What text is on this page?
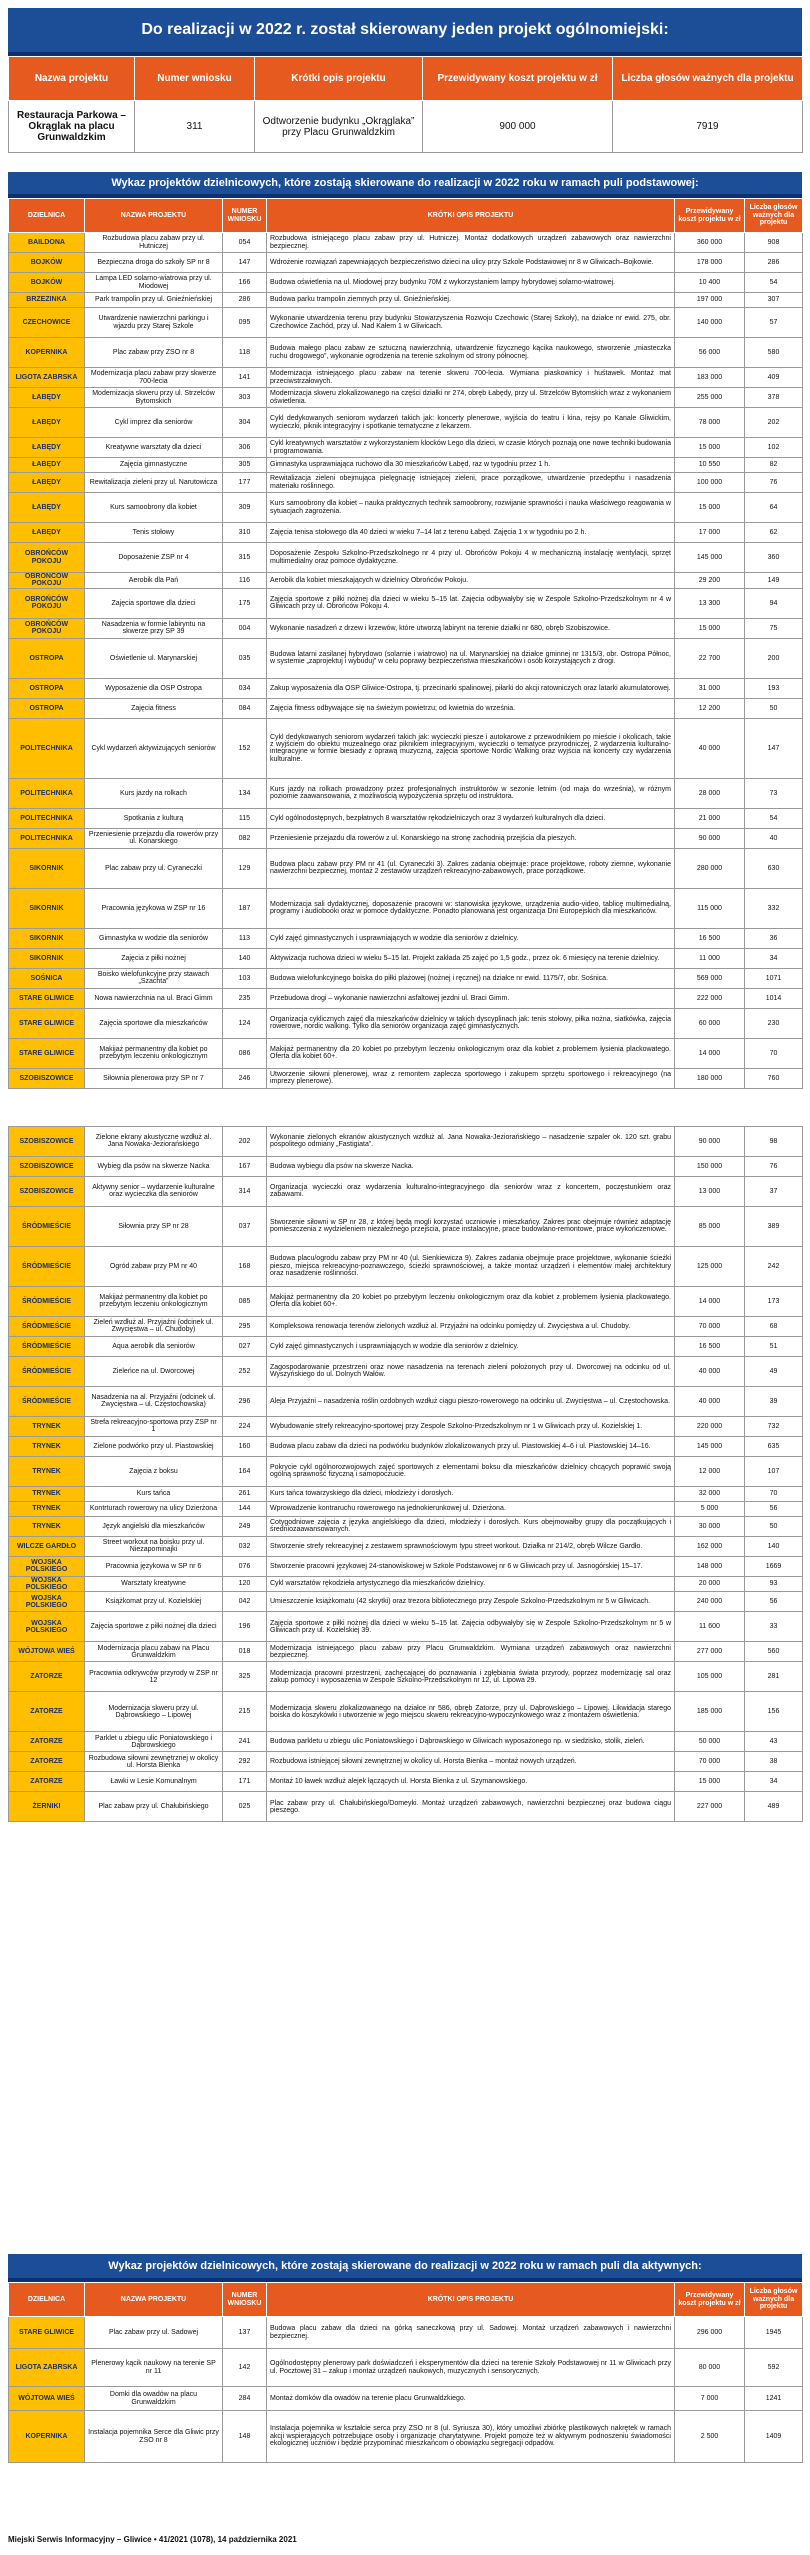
Do realizacji w 2022 r. został skierowany jeden projekt ogólnomiejski:
Nazwa projektu	Numer wniosku	Krótki opis projektu	Przewidywany koszt projektu w zł	Liczba głosów ważnych dla projektu
Restauracja Parkowa – Okrąglak na placu Grunwaldzkim	311	Odtworzenie budynku „Okrąglaka” przy Placu Grunwaldzkim	900 000	7919
Wykaz projektów dzielnicowych, które zostają skierowane do realizacji w 2022 roku w ramach puli podstawowej:
DZIELNICA	NAZWA PROJEKTU	NUMER WNIOSKU	KRÓTKI OPIS PROJEKTU	Przewidywany koszt projektu w zł	Liczba głosów ważnych dla projektu
BAILDONA	Rozbudowa placu zabaw przy ul. Hutniczej	054	Rozbudowa istniejącego placu zabaw przy ul. Hutniczej. Montaż dodatkowych urządzeń zabawowych oraz nawierzchni bezpiecznej.	360 000	908
BOJKÓW	Bezpieczna droga do szkoły SP nr 8	147	Wdrożenie rozwiązań zapewniających bezpieczeństwo dzieci na ulicy przy Szkole Podstawowej nr 8 w Gliwicach–Bojkowie.	178 000	286
BOJKÓW	Lampa LED solarno-wiatrowa przy ul. Miodowej	166	Budowa oświetlenia na ul. Miodowej przy budynku 70M z wykorzystaniem lampy hybrydowej solarno-wiatrowej.	10 400	54
BRZEZINKA	Park trampolin przy ul. Gnieźnieńskiej	286	Budowa parku trampolin ziemnych przy ul. Gnieźnieńskiej.	197 000	307
CZECHOWICE	Utwardzenie nawierzchni parkingu i wjazdu przy Starej Szkole	095	Wykonanie utwardzenia terenu przy budynku Stowarzyszenia Rozwoju Czechowic (Starej Szkoły), na działce nr ewid. 275, obr. Czechowice Zachód, przy ul. Nad Kałem 1 w Gliwicach.	140 000	57
KOPERNIKA	Plac zabaw przy ZSO nr 8	118	Budowa małego placu zabaw ze sztuczną nawierzchnią, utwardzenie fizycznego kącika naukowego, stworzenie „miasteczka ruchu drogowego”, wykonanie ogrodzenia na terenie szkolnym od strony północnej.	56 000	580
LIGOTA ZABRSKA	Modernizacja placu zabaw przy skwerze 700-lecia	141	Modernizacja istniejącego placu zabaw na terenie skweru 700-lecia. Wymiana piaskownicy i huśtawek. Montaż mat przeciwstrzałowych.	183 000	409
ŁABĘDY	Modernizacja skweru przy ul. Strzelców Bytomskich	303	Modernizacja skweru zlokalizowanego na części działki nr 274, obręb Łabędy, przy ul. Strzelców Bytomskich wraz z wykonaniem oświetlenia.	255 000	378
ŁABĘDY	Cykl imprez dla seniorów	304	Cykl dedykowanych seniorom wydarzeń takich jak: koncerty plenerowe, wyjścia do teatru i kina, rejsy po Kanale Gliwickim, wycieczki, piknik integracyjny i spotkanie tematyczne z lekarzem.	78 000	202
ŁABĘDY	Kreatywne warsztaty dla dzieci	306	Cykl kreatywnych warsztatów z wykorzystaniem klocków Lego dla dzieci, w czasie których poznają one nowe techniki budowania i programowania.	15 000	102
ŁABĘDY	Zajęcia gimnastyczne	305	Gimnastyka usprawniająca ruchowo dla 30 mieszkańców Łabęd, raz w tygodniu przez 1 h.	10 550	82
ŁABĘDY	Rewitalizacja zieleni przy ul. Narutowicza	177	Rewitalizacja zieleni obejmująca pielęgnację istniejącej zieleni, prace porządkowe, utwardzenie przedepthu i nasadzenia materiału roślinnego.	100 000	76
ŁABĘDY	Kurs samoobrony dla kobiet	309	Kurs samoobrony dla kobiet – nauka praktycznych technik samoobrony, rozwijanie sprawności i nauka właściwego reagowania w sytuacjach zagrożenia.	15 000	64
ŁABĘDY	Tenis stołowy	310	Zajęcia tenisa stołowego dla 40 dzieci w wieku 7–14 lat z terenu Łabęd. Zajęcia 1 x w tygodniu po 2 h.	17 000	62
OBROŃCÓW POKOJU	Doposażenie ZSP nr 4	315	Doposażenie Zespołu Szkolno-Przedszkolnego nr 4 przy ul. Obrońców Pokoju 4 w mechaniczną instalację wentylacji, sprzęt multimedialny oraz pomoce dydaktyczne.	145 000	360
OBROŃCÓW POKOJU	Aerobik dla Pań	116	Aerobik dla kobiet mieszkających w dzielnicy Obrońców Pokoju.	29 200	149
OBROŃCÓW POKOJU	Zajęcia sportowe dla dzieci	175	Zajęcia sportowe z piłki nożnej dla dzieci w wieku 5–15 lat. Zajęcia odbywałyby się w Zespole Szkolno-Przedszkolnym nr 4 w Gliwicach przy ul. Obrońców Pokoju 4.	13 300	94
OBROŃCÓW POKOJU	Nasadzenia w formie labiryntu na skwerze przy SP 39	004	Wykonanie nasadzeń z drzew i krzewów, które utworzą labirynt na terenie działki nr 680, obręb Szobiszowice.	15 000	75
OSTROPA	Oświetlenie ul. Marynarskiej	035	Budowa latarni zasilanej hybrydowo (solarnie i wiatrowo) na ul. Marynarskiej na działce gminnej nr 1315/3, obr. Ostropa Północ, w systemie „zaprojektuj i wybuduj” w celu poprawy bezpieczeństwa mieszkańców i osób korzystających z drogi.	22 700	200
OSTROPA	Wyposażenie dla OSP Ostropa	034	Zakup wyposażenia dla OSP Gliwice-Ostropa, tj. przecinarki spalinowej, piłarki do akcji ratowniczych oraz latarki akumulatorowej.	31 000	193
OSTROPA	Zajęcia fitness	084	Zajęcia fitness odbywające się na świeżym powietrzu; od kwietnia do września.	12 200	50
POLITECHNIKA	Cykl wydarzeń aktywizujących seniorów	152	Cykl dedykowanych seniorom wydarzeń takich jak: wycieczki piesze i autokarowe z przewodnikiem po mieście i okolicach, takie z wyjściem do obiektu muzealnego oraz piknikiem integracyjnym, wycieczki o tematyce przyrodniczej, 2 wydarzenia kulturalno-integracyjne w formie biesiady z oprawą muzyczną, zajęcia sportowe Nordic Walking oraz wyjścia na koncerty czy wydarzenia kulturalne.	40 000	147
POLITECHNIKA	Kurs jazdy na rolkach	134	Kurs jazdy na rolkach prowadzony przez profesjonalnych instruktorów w sezonie letnim (od maja do września), w różnym poziomie zaawansowania, z możliwością wypożyczenia sprzętu od instruktora.	28 000	73
POLITECHNIKA	Spotkania z kulturą	115	Cykl ogólnodostępnych, bezpłatnych 8 warsztatów rękodzielniczych oraz 3 wydarzeń kulturalnych dla dzieci.	21 000	54
POLITECHNIKA	Przeniesienie przejazdu dla rowerów przy ul. Konarskiego	082	Przeniesienie przejazdu dla rowerów z ul. Konarskiego na stronę zachodnią przejścia dla pieszych.	90 000	40
SIKORNIK	Plac zabaw przy ul. Cyraneczki	129	Budowa placu zabaw przy PM nr 41 (ul. Cyraneczki 3). Zakres zadania obejmuje: prace projektowe, roboty ziemne, wykonanie nawierzchni bezpiecznej, montaż 2 zestawów urządzeń rekreacyjno-zabawowych, prace porządkowe.	280 000	630
SIKORNIK	Pracownia językowa w ZSP nr 16	187	Modernizacja sali dydaktycznej, doposażenie pracowni w: stanowiska językowe, urządzenia audio-video, tablicę multimedialną, programy i audiobooki oraz w pomoce dydaktyczne. Ponadto planowana jest organizacja Dni Europejskich dla mieszkańców.	115 000	332
SIKORNIK	Gimnastyka w wodzie dla seniorów	113	Cykl zajęć gimnastycznych i usprawniających w wodzie dla seniorów z dzielnicy.	16 500	36
SIKORNIK	Zajęcia z piłki nożnej	140	Aktywizacja ruchowa dzieci w wieku 5–15 lat. Projekt zakłada 25 zajęć po 1,5 godz., przez ok. 6 miesięcy na terenie dzielnicy.	11 000	34
SOŚNICA	Boisko wielofunkcyjne przy stawach „Szachta”	103	Budowa wielofunkcyjnego boiska do piłki plażowej (nożnej i ręcznej) na działce nr ewid. 1175/7, obr. Sośnica.	569 000	1071
STARE GLIWICE	Nowa nawierzchnia na ul. Braci Gimm	235	Przebudowa drogi – wykonanie nawierzchni asfaltowej jezdni ul. Braci Gimm.	222 000	1014
STARE GLIWICE	Zajęcia sportowe dla mieszkańców	124	Organizacja cyklicznych zajęć dla mieszkańców dzielnicy w takich dyscyplinach jak: tenis stołowy, piłka nożna, siatkówka, zajęcia rowerowe, nordic walking. Tylko dla seniorów organizacja zajęć gimnastycznych.	60 000	230
STARE GLIWICE	Makijaż permanentny dla kobiet po przebytym leczeniu onkologicznym	086	Makijaż permanentny dla 20 kobiet po przebytym leczeniu onkologicznym oraz dla kobiet z problemem łysienia plackowatego. Oferta dla kobiet 60+.	14 000	70
SZOBISZOWICE	Siłownia plenerowa przy SP nr 7	246	Utworzenie siłowni plenerowej, wraz z remontem zaplecza sportowego i zakupem sprzętu sportowego i rekreacyjnego (na imprezy plenerowe).	180 000	760
SZOBISZOWICE	Zielone ekrany akustyczne wzdłuż al. Jana Nowaka-Jeziorańskiego	202	Wykonanie zielonych ekranów akustycznych wzdłuż al. Jana Nowaka-Jeziorańskiego – nasadzenie szpaler ok. 120 szt. grabu pospolitego odmiany „Fastigiata”.	90 000	98
SZOBISZOWICE	Wybieg dla psów na skwerze Nacka	167	Budowa wybiegu dla psów na skwerze Nacka.	150 000	76
SZOBISZOWICE	Aktywny senior – wydarzenie kulturalne oraz wycieczka dla seniorów	314	Organizacja wycieczki oraz wydarzenia kulturalno-integracyjnego dla seniorów wraz z koncertem, poczęstunkiem oraz zabawami.	13 000	37
ŚRÓDMIEŚCIE	Siłownia przy SP nr 28	037	Stworzenie siłowni w SP nr 28, z której będą mogli korzystać uczniowie i mieszkańcy. Zakres prac obejmuje również adaptację pomieszczenia z wydzieleniem niezależnego przejścia, prace instalacyjne, prace budowlano-remontowe, prace wykończeniowe.	85 000	389
ŚRÓDMIEŚCIE	Ogród zabaw przy PM nr 40	168	Budowa placu/ogrodu zabaw przy PM nr 40 (ul. Sienkiewicza 9). Zakres zadania obejmuje prace projektowe, wykonanie ścieżki pieszo, miejsca rekreacyjno-poznawczego, ścieżki sprawnościowej, a także montaż urządzeń i elementów małej architektury oraz nasadzenie roślinności.	125 000	242
ŚRÓDMIEŚCIE	Makijaż permanentny dla kobiet po przebytym leczeniu onkologicznym	085	Makijaż permanentny dla 20 kobiet po przebytym leczeniu onkologicznym oraz dla kobiet z problemem łysienia plackowatego. Oferta dla kobiet 60+.	14 000	173
ŚRÓDMIEŚCIE	Zieleń wzdłuż al. Przyjaźni (odcinek ul. Zwycięstwa – ul. Chudoby)	295	Kompleksowa renowacja terenów zielonych wzdłuż al. Przyjaźni na odcinku pomiędzy ul. Zwycięstwa a ul. Chudoby.	70 000	68
ŚRÓDMIEŚCIE	Aqua aerobik dla seniorów	027	Cykl zajęć gimnastycznych i usprawniających w wodzie dla seniorów z dzielnicy.	16 500	51
ŚRÓDMIEŚCIE	Zieleńce na ul. Dworcowej	252	Zagospodarowanie przestrzeni oraz nowe nasadzenia na terenach zieleni położonych przy ul. Dworcowej na odcinku od ul. Wyszyńskiego do ul. Dolnych Wałów.	40 000	49
ŚRÓDMIEŚCIE	Nasadzenia na al. Przyjaźni (odcinek ul. Zwycięstwa – ul. Częstochowska)	296	Aleja Przyjaźni – nasadzenia roślin ozdobnych wzdłuż ciągu pieszo-rowerowego na odcinku ul. Zwycięstwa – ul. Częstochowska.	40 000	39
TRYNEK	Strefa rekreacyjno-sportowa przy ZSP nr 1	224	Wybudowanie strefy rekreacyjno-sportowej przy Zespole Szkolno-Przedszkolnym nr 1 w Gliwicach przy ul. Kozielskiej 1.	220 000	732
TRYNEK	Zielone podwórko przy ul. Piastowskiej	160	Budowa placu zabaw dla dzieci na podwórku budynków zlokalizowanych przy ul. Piastowskiej 4–6 i ul. Piastowskiej 14–16.	145 000	635
TRYNEK	Zajęcia z boksu	164	Pokrycie cykl ogólnorozwojowych zajęć sportowych z elementami boksu dla mieszkańców dzielnicy chcących poprawić swoją ogólną sprawność fizyczną i samopoczucie.	12 000	107
TRYNEK	Kurs tańca	261	Kurs tańca towarzyskiego dla dzieci, młodzieży i dorosłych.	32 000	70
TRYNEK	Kontrturach rowerowy na ulicy Dzierżona	144	Wprowadzenie kontraruchu rowerowego na jednokierunkowej ul. Dzierżona.	5 000	56
TRYNEK	Język angielski dla mieszkańców	249	Cotygodniowe zajęcia z języka angielskiego dla dzieci, młodzieży i dorosłych. Kurs obejmowałby grupy dla początkujących i średniozaawansowanych.	30 000	50
WILCZE GARDŁO	Street workout na boisku przy ul. Niezapominajki	032	Stworzenie strefy rekreacyjnej z zestawem sprawnościowym typu street workout. Działka nr 214/2, obręb Wilcze Gardło.	162 000	140
WOJSKA POLSKIEGO	Pracownia językowa w SP nr 6	076	Stworzenie pracowni językowej 24-stanowiskowej w Szkole Podstawowej nr 6 w Gliwicach przy ul. Jasnogórskiej 15–17.	148 000	1669
WOJSKA POLSKIEGO	Warsztaty kreatywne	120	Cykl warsztatów rękodzieła artystycznego dla mieszkańców dzielnicy.	20 000	93
WOJSKA POLSKIEGO	Książkomat przy ul. Kozielskiej	042	Umieszczenie książkomatu (42 skrytki) oraz trezora bibliotecznego przy Zespole Szkolno-Przedszkolnym nr 5 w Gliwicach.	240 000	56
WOJSKA POLSKIEGO	Zajęcia sportowe z piłki nożnej dla dzieci	196	Zajęcia sportowe z piłki nożnej dla dzieci w wieku 5–15 lat. Zajęcia odbywałyby się w Zespole Szkolno-Przedszkolnym nr 5 w Gliwicach przy ul. Kozielskiej 39.	11 600	33
WÓJTOWA WIEŚ	Modernizacja placu zabaw na Placu Grunwaldzkim	018	Modernizacja istniejącego placu zabaw przy Placu Grunwaldzkim. Wymiana urządzeń zabawowych oraz nawierzchni bezpiecznej.	277 000	560
ZATORZE	Pracownia odkrywców przyrody w ZSP nr 12	325	Modernizacja pracowni przestrzeni, zachęcającej do poznawania i zgłębiania świata przyrody, poprzez modernizację sal oraz zakup pomocy i wyposażenia w Zespole Szkolno-Przedszkolnym nr 12, ul. Lipowa 29.	105 000	281
ZATORZE	Modernizacja skweru przy ul. Dąbrowskiego – Lipowej	215	Modernizacja skweru zlokalizowanego na działce nr 586, obręb Zatorze, przy ul. Dąbrowskiego – Lipowej. Likwidacja starego boiska do koszykówki i utworzenie w jego miejscu skweru rekreacyjno-wypoczynkowego wraz z montażem oświetlenia.	185 000	156
ZATORZE	Parklet u zbiegu ulic Poniatowskiego i Dąbrowskiego	241	Budowa parkletu u zbiegu ulic Poniatowskiego i Dąbrowskiego w Gliwicach wyposażonego np. w siedzisko, stolik, zieleń.	50 000	43
ZATORZE	Rozbudowa siłowni zewnętrznej w okolicy ul. Horsta Bienka	292	Rozbudowa istniejącej siłowni zewnętrznej w okolicy ul. Horsta Bienka – montaż nowych urządzeń.	70 000	38
ZATORZE	Ławki w Lesie Komunalnym	171	Montaż 10 ławek wzdłuż alejek łączących ul. Horsta Bienka z ul. Szymanowskiego.	15 000	34
ŻERNIKI	Plac zabaw przy ul. Chałubińskiego	025	Plac zabaw przy ul. Chałubińskiego/Domeyki. Montaż urządzeń zabawowych, nawierzchni bezpiecznej oraz budowa ciągu pieszego.	227 000	489
Wykaz projektów dzielnicowych, które zostają skierowane do realizacji w 2022 roku w ramach puli dla aktywnych:
DZIELNICA	NAZWA PROJEKTU	NUMER WNIOSKU	KRÓTKI OPIS PROJEKTU	Przewidywany koszt projektu w zł	Liczba głosów ważnych dla projektu
STARE GLIWICE	Plac zabaw przy ul. Sadowej	137	Budowa placu zabaw dla dzieci na górką saneczkową przy ul. Sadowej. Montaż urządzeń zabawowych i nawierzchni bezpiecznej.	296 000	1945
LIGOTA ZABRSKA	Plenerowy kącik naukowy na terenie SP nr 11	142	Ogólnodostępny plenerowy park doświadczeń i eksperymentów dla dzieci na terenie Szkoły Podstawowej nr 11 w Gliwicach przy ul. Pocztowej 31 – zakup i montaż urządzeń naukowych, muzycznych i sensorycznych.	80 000	592
WÓJTOWA WIEŚ	Domki dla owadów na placu Grunwaldzkim	284	Montaż domków dla owadów na terenie placu Grunwaldzkiego.	7 000	1241
KOPERNIKA	Instalacja pojemnika Serce dla Gliwic przy ZSO nr 8	148	Instalacja pojemnika w kształcie serca przy ZSO nr 8 (ul. Syriusza 30), który umożliwi zbiórkę plastikowych nakrętek w ramach akcji wspierających potrzebujące osoby i organizacje charytatywne. Projekt pomoże też w aktywnym podnoszeniu świadomości ekologicznej uczniów i będzie przypominać mieszkańcom o obowiązku segregacji odpadów.	2 500	1409
Miejski Serwis Informacyjny – Gliwice • 41/2021 (1078), 14 października 2021
